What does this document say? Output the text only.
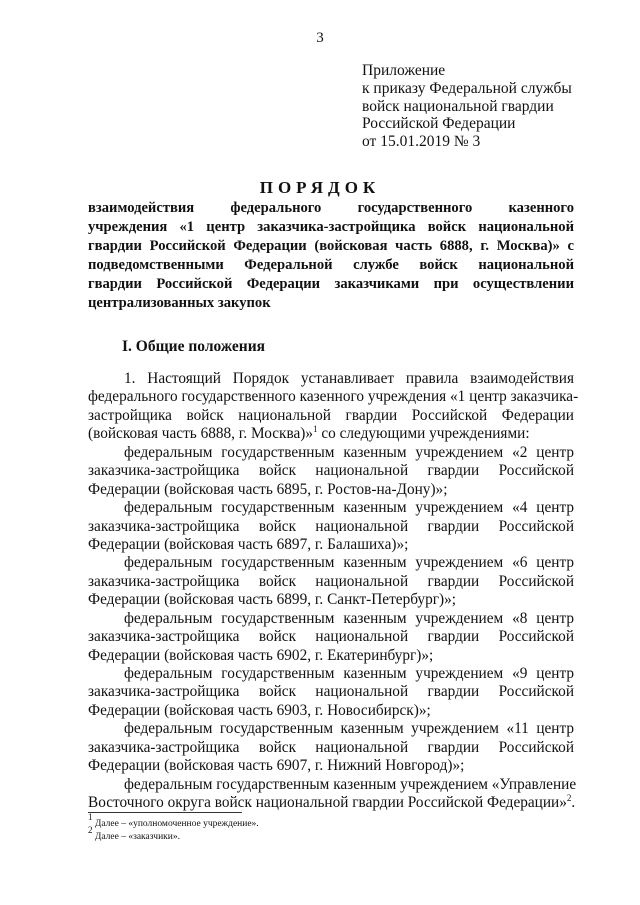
3
Приложение
к приказу Федеральной службы
войск национальной гвардии
Российской Федерации
от 15.01.2019 № 3
ПОРЯДОК
взаимодействия федерального государственного казенного
учреждения «1 центр заказчика-застройщика войск национальной
гвардии Российской Федерации (войсковая часть 6888, г. Москва)» с
подведомственными Федеральной службе войск национальной
гвардии Российской Федерации заказчиками при осуществлении
централизованных закупок
I. Общие положения
1. Настоящий Порядок устанавливает правила взаимодействия
федерального государственного казенного учреждения «1 центр заказчика-
застройщика войск национальной гвардии Российской Федерации
(войсковая часть 6888, г. Москва)»$^1$ со следующими учреждениями:
федеральным государственным казенным учреждением «2 центр
заказчика-застройщика войск национальной гвардии Российской
Федерации (войсковая часть 6895, г. Ростов-на-Дону)»;
федеральным государственным казенным учреждением «4 центр
заказчика-застройщика войск национальной гвардии Российской
Федерации (войсковая часть 6897, г. Балашиха)»;
федеральным государственным казенным учреждением «6 центр
заказчика-застройщика войск национальной гвардии Российской
Федерации (войсковая часть 6899, г. Санкт-Петербург)»;
федеральным государственным казенным учреждением «8 центр
заказчика-застройщика войск национальной гвардии Российской
Федерации (войсковая часть 6902, г. Екатеринбург)»;
федеральным государственным казенным учреждением «9 центр
заказчика-застройщика войск национальной гвардии Российской
Федерации (войсковая часть 6903, г. Новосибирск)»;
федеральным государственным казенным учреждением «11 центр
заказчика-застройщика войск национальной гвардии Российской
Федерации (войсковая часть 6907, г. Нижний Новгород)»;
федеральным государственным казенным учреждением «Управление
Восточного округа войск национальной гвардии Российской Федерации»$^2$.
$^1$ Далее – «уполномоченное учреждение».
$^2$ Далее – «заказчики».
